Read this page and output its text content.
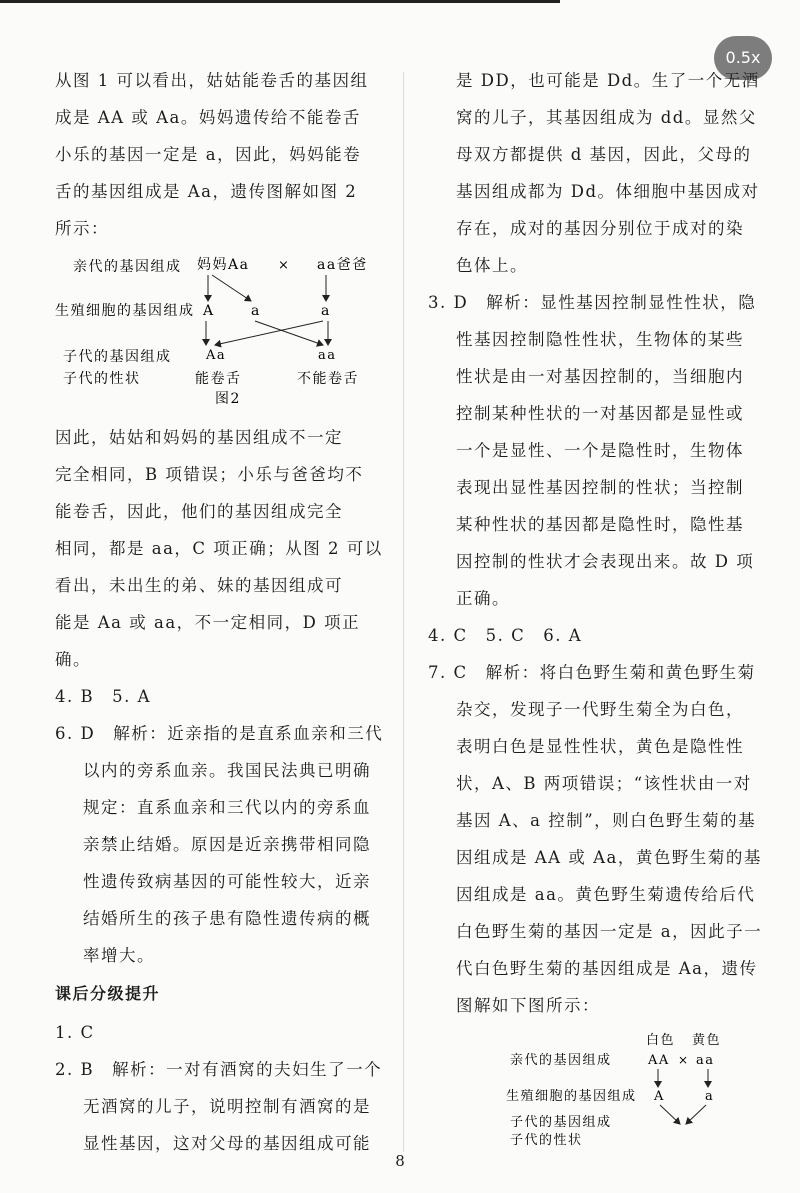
0.5x

从图 1 可以看出，姑姑能卷舌的基因组

成是 AA 或 Aa。妈妈遗传给不能卷舌

小乐的基因一定是 a，因此，妈妈能卷

舌的基因组成是 Aa，遗传图解如图 2

所示：

亲代的基因组成 妈妈Aa × aa爸爸
生殖细胞的基因组成 A	a	a
Aa	aa
子代的基因组成
子代的性状	能卷舌	不能卷舌
图2

因此，姑姑和妈妈的基因组成不一定

完全相同，B 项错误；小乐与爸爸均不

能卷舌，因此，他们的基因组成完全

相同，都是 aa，C 项正确；从图 2 可以

看出，未出生的弟、妹的基因组成可

能是 Aa 或 aa，不一定相同，D 项正确。

4. B　5. A

6. D　解析：近亲指的是直系血亲和三代

以内的旁系血亲。我国民法典已明确

规定：直系血亲和三代以内的旁系血

亲禁止结婚。原因是近亲携带相同隐

性遗传致病基因的可能性较大，近亲

结婚所生的孩子患有隐性遗传病的概

率增大。

课后分级提升

1. C

2. B　解析：一对有酒窝的夫妇生了一个

无酒窝的儿子，说明控制有酒窝的是

显性基因，这对父母的基因组成可能

是 DD，也可能是 Dd。生了一个无酒

窝的儿子，其基因组成为 dd。显然父

母双方都提供 d 基因，因此，父母的

基因组成都为 Dd。体细胞中基因成对

存在，成对的基因分别位于成对的染

色体上。

3. D　解析：显性基因控制显性性状，隐

性基因控制隐性性状，生物体的某些

性状是由一对基因控制的，当细胞内

控制某种性状的一对基因都是显性或

一个是显性、一个是隐性时，生物体

表现出显性基因控制的性状；当控制

某种性状的基因都是隐性时，隐性基

因控制的性状才会表现出来。故 D 项

正确。

4. C　5. C　6. A

7. C　解析：将白色野生菊和黄色野生菊

杂交，发现子一代野生菊全为白色，

表明白色是显性性状，黄色是隐性性

状，A、B 两项错误；“该性状由一对

基因 A、a 控制”，则白色野生菊的基

因组成是 AA 或 Aa，黄色野生菊的基

因组成是 aa。黄色野生菊遗传给后代

白色野生菊的基因一定是 a，因此子一

代白色野生菊的基因组成是 Aa，遗传

图解如下图所示：

白色 黄色
亲代的基因组成	AA × aa
生殖细胞的基因组成 A	a
子代的基因组成
子代的性状
8
